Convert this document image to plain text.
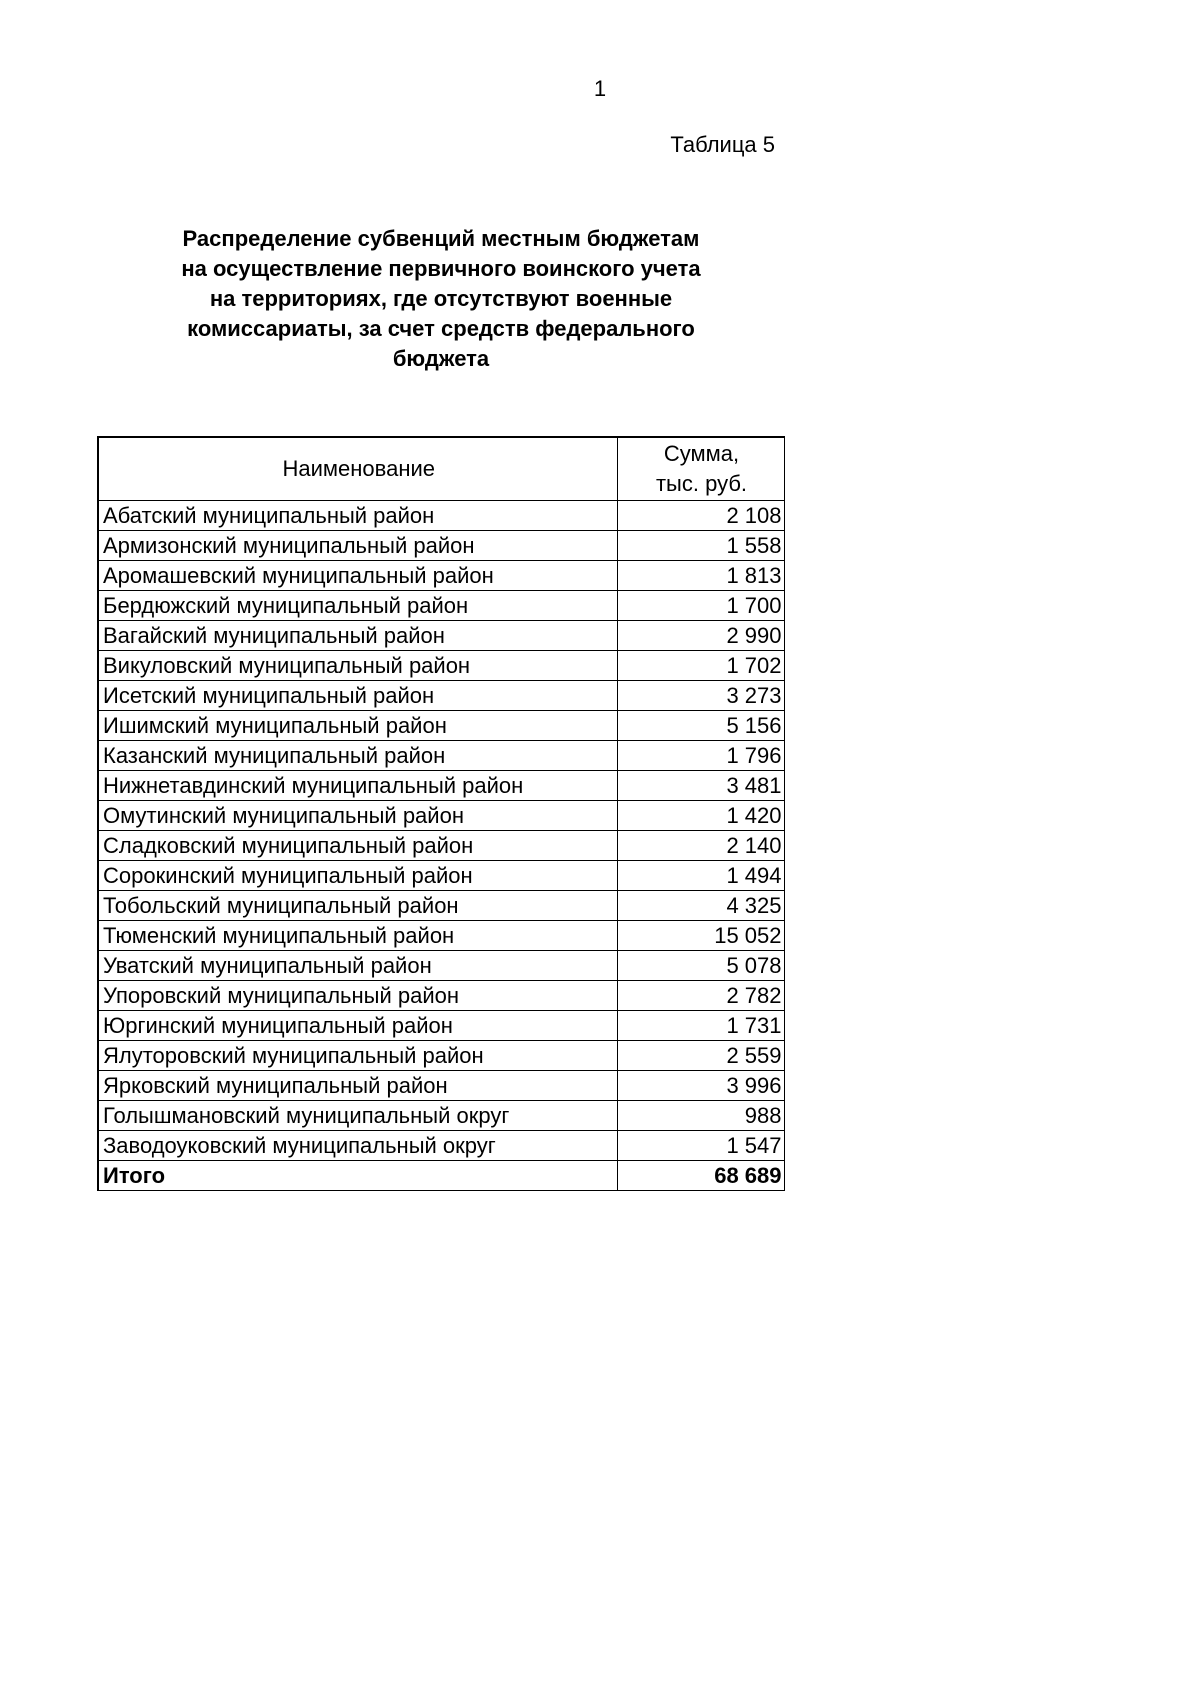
1
Таблица 5
Распределение субвенций местным бюджетам
на осуществление первичного воинского учета
на территориях, где отсутствуют военные
комиссариаты, за счет средств федерального
бюджета
Наименование	Сумма,
тыс. руб.
Абатский муниципальный район	2 108
Армизонский муниципальный район	1 558
Аромашевский муниципальный район	1 813
Бердюжский муниципальный район	1 700
Вагайский муниципальный район	2 990
Викуловский муниципальный район	1 702
Исетский муниципальный район	3 273
Ишимский муниципальный район	5 156
Казанский муниципальный район	1 796
Нижнетавдинский муниципальный район	3 481
Омутинский муниципальный район	1 420
Сладковский муниципальный район	2 140
Сорокинский муниципальный район	1 494
Тобольский муниципальный район	4 325
Тюменский муниципальный район	15 052
Уватский муниципальный район	5 078
Упоровский муниципальный район	2 782
Юргинский муниципальный район	1 731
Ялуторовский муниципальный район	2 559
Ярковский муниципальный район	3 996
Голышмановский муниципальный округ	988
Заводоуковский муниципальный округ	1 547
Итого	68 689
